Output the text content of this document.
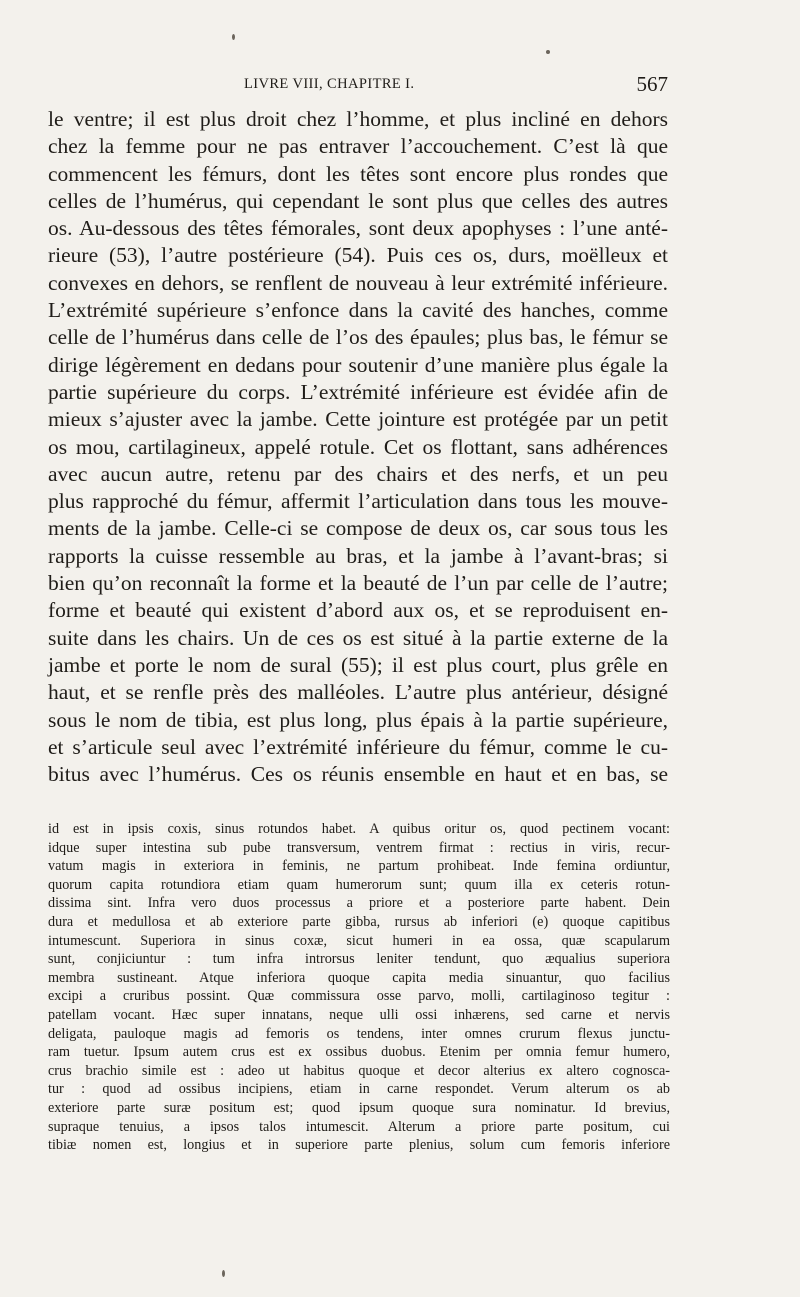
LIVRE VIII, CHAPITRE I.	567
le ventre; il est plus droit chez l’homme, et plus incliné en dehors
chez la femme pour ne pas entraver l’accouchement. C’est là que
commencent les fémurs, dont les têtes sont encore plus rondes que
celles de l’humérus, qui cependant le sont plus que celles des autres
os. Au-dessous des têtes fémorales, sont deux apophyses : l’une anté-
rieure (53), l’autre postérieure (54). Puis ces os, durs, moëlleux et
convexes en dehors, se renflent de nouveau à leur extrémité inférieure.
L’extrémité supérieure s’enfonce dans la cavité des hanches, comme
celle de l’humérus dans celle de l’os des épaules; plus bas, le fémur se
dirige légèrement en dedans pour soutenir d’une manière plus égale la
partie supérieure du corps. L’extrémité inférieure est évidée afin de
mieux s’ajuster avec la jambe. Cette jointure est protégée par un petit
os mou, cartilagineux, appelé rotule. Cet os flottant, sans adhérences
avec aucun autre, retenu par des chairs et des nerfs, et un peu
plus rapproché du fémur, affermit l’articulation dans tous les mouve-
ments de la jambe. Celle-ci se compose de deux os, car sous tous les
rapports la cuisse ressemble au bras, et la jambe à l’avant-bras; si
bien qu’on reconnaît la forme et la beauté de l’un par celle de l’autre;
forme et beauté qui existent d’abord aux os, et se reproduisent en-
suite dans les chairs. Un de ces os est situé à la partie externe de la
jambe et porte le nom de sural (55); il est plus court, plus grêle en
haut, et se renfle près des malléoles. L’autre plus antérieur, désigné
sous le nom de tibia, est plus long, plus épais à la partie supérieure,
et s’articule seul avec l’extrémité inférieure du fémur, comme le cu-
bitus avec l’humérus. Ces os réunis ensemble en haut et en bas, se
id est in ipsis coxis, sinus rotundos habet. A quibus oritur os, quod pectinem vocant:
idque super intestina sub pube transversum, ventrem firmat : rectius in viris, recur-
vatum magis in exteriora in feminis, ne partum prohibeat. Inde femina ordiuntur,
quorum capita rotundiora etiam quam humerorum sunt; quum illa ex ceteris rotun-
dissima sint. Infra vero duos processus a priore et a posteriore parte habent. Dein
dura et medullosa et ab exteriore parte gibba, rursus ab inferiori (e) quoque capitibus
intumescunt. Superiora in sinus coxæ, sicut humeri in ea ossa, quæ scapularum
sunt, conjiciuntur : tum infra introrsus leniter tendunt, quo æqualius superiora
membra sustineant. Atque inferiora quoque capita media sinuantur, quo facilius
excipi a cruribus possint. Quæ commissura osse parvo, molli, cartilaginoso tegitur :
patellam vocant. Hæc super innatans, neque ulli ossi inhærens, sed carne et nervis
deligata, pauloque magis ad femoris os tendens, inter omnes crurum flexus junctu-
ram tuetur. Ipsum autem crus est ex ossibus duobus. Etenim per omnia femur humero,
crus brachio simile est : adeo ut habitus quoque et decor alterius ex altero cognosca-
tur : quod ad ossibus incipiens, etiam in carne respondet. Verum alterum os ab
exteriore parte suræ positum est; quod ipsum quoque sura nominatur. Id brevius,
supraque tenuius, a ipsos talos intumescit. Alterum a priore parte positum, cui
tibiæ nomen est, longius et in superiore parte plenius, solum cum femoris inferiore
